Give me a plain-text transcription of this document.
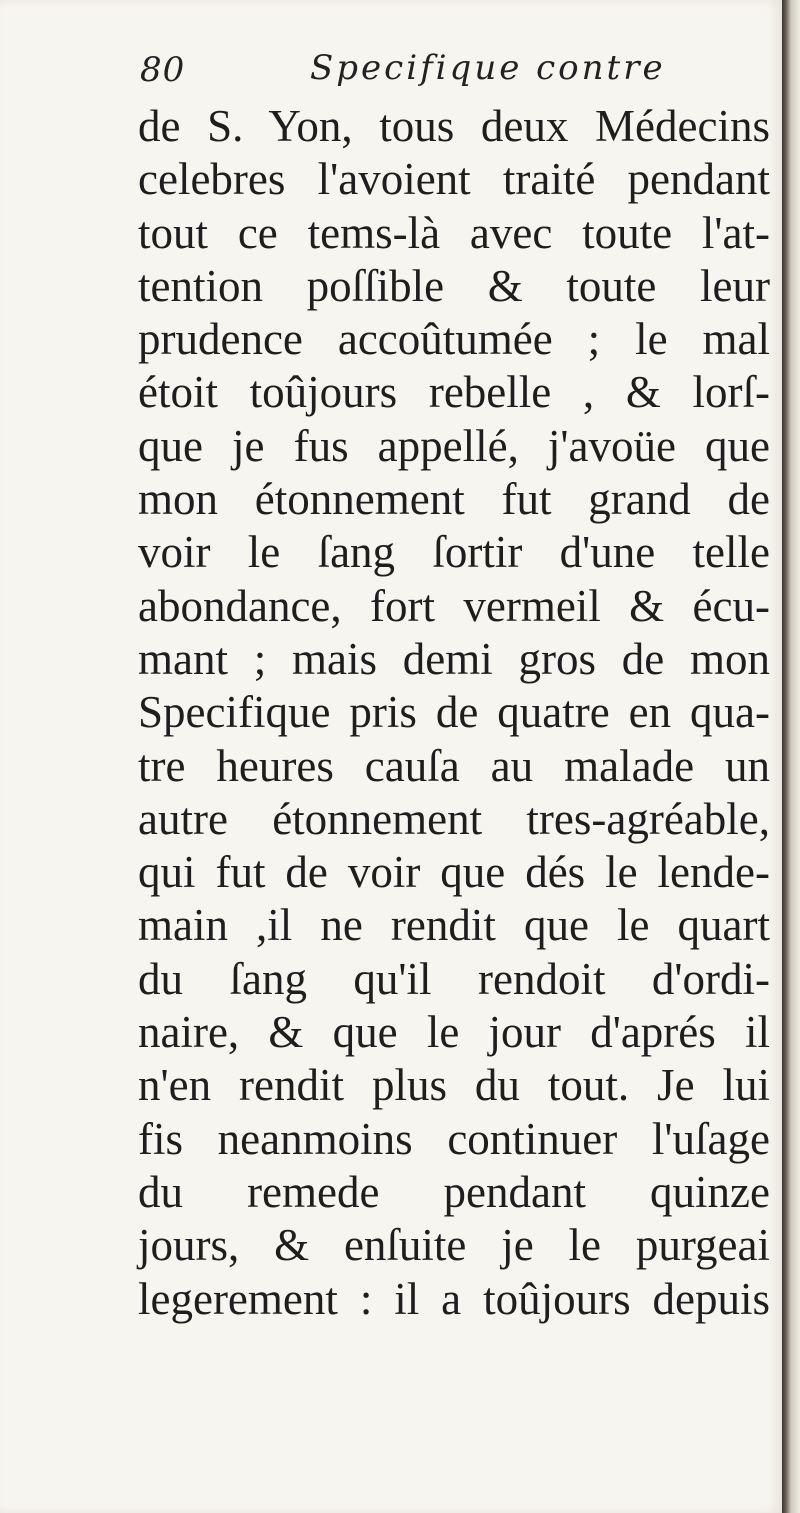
80	Specifique contre
de S. Yon, tous deux Médecins
celebres l'avoient traité pendant
tout ce tems-là avec toute l'at-
tention poſſible & toute leur
prudence accoûtumée ; le mal
étoit toûjours rebelle , & lorſ-
que je fus appellé, j'avoüe que
mon étonnement fut grand de
voir le ſang ſortir d'une telle
abondance, fort vermeil & écu-
mant ; mais demi gros de mon
Specifique pris de quatre en qua-
tre heures cauſa au malade un
autre étonnement tres-agréable,
qui fut de voir que dés le lende-
main ,il ne rendit que le quart
du ſang qu'il rendoit d'ordi-
naire, & que le jour d'aprés il
n'en rendit plus du tout. Je lui
fis neanmoins continuer l'uſage
du remede pendant quinze
jours, & enſuite je le purgeai
legerement : il a toûjours depuis
